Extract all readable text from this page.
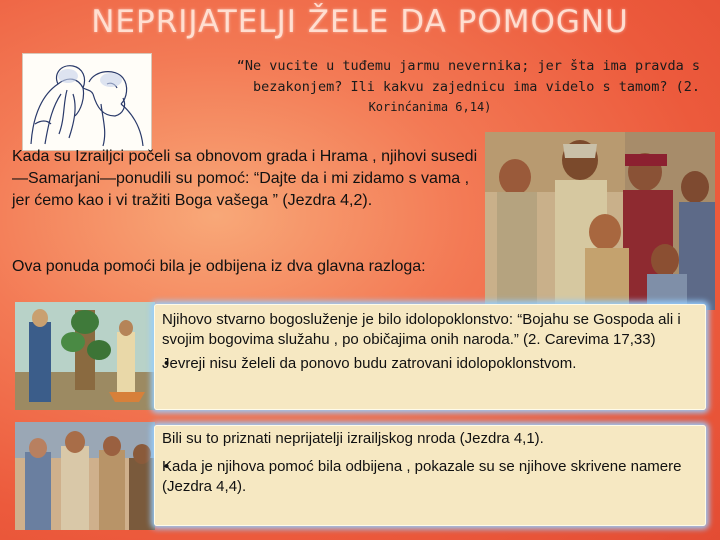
NEPRIJATELJI ŽELE DA POMOGNU
“Ne vucite u tuđemu jarmu nevernika; jer šta ima pravda s
bezakonjem? Ili kakvu zajednicu ima videlo s tamom? (2.
Korinćanima 6,14)
Kada su Izrailjci počeli sa obnovom grada i Hrama , njihovi susedi—Samarjani—ponudili su pomoć: “Dajte da i mi zidamo s vama , jer ćemo kao i vi tražiti Boga vašega ” (Jezdra 4,2).
Ova ponuda pomoći bila je odbijena iz dva glavna razloga:

Njihovo stvarno bogosluženje je bilo idolopoklonstvo: “Bojahu se Gospoda ali i svojim bogovima služahu , po običajima onih naroda.” (2. Carevima 17,33)

• Jevreji nisu želeli da ponovo budu zatrovani idolopoklonstvom.

Bili su to priznati neprijatelji izrailjskog nroda (Jezdra 4,1).

• Kada je njihova pomoć bila odbijena , pokazale su se njihove skrivene namere (Jezdra 4,4).
